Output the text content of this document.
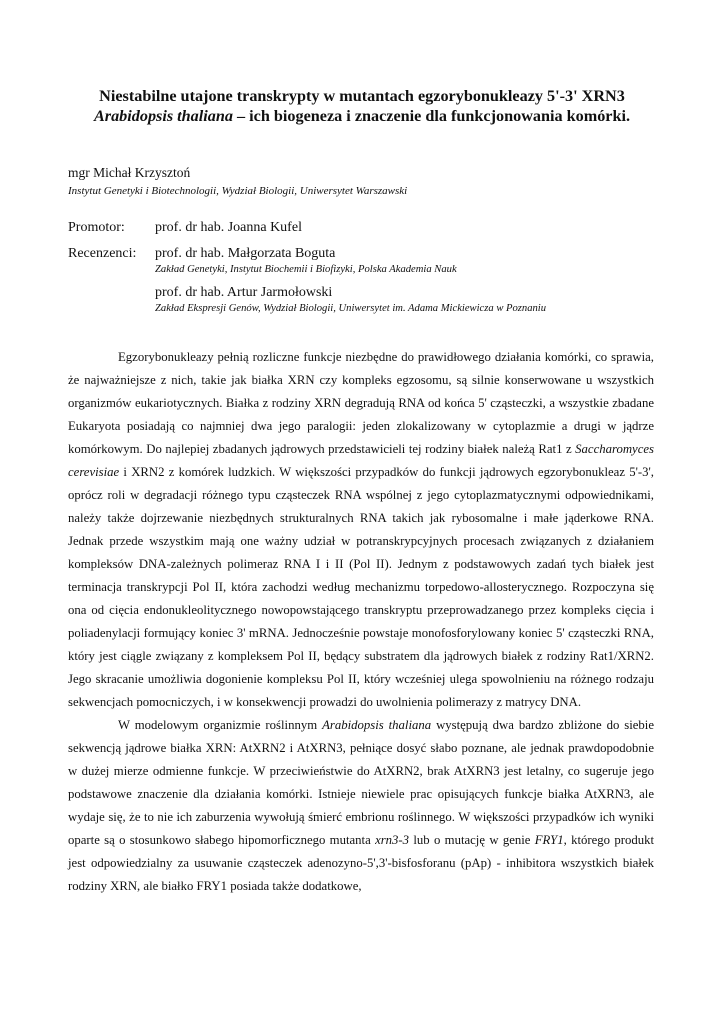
Niestabilne utajone transkrypty w mutantach egzorybonukleazy 5'-3' XRN3
Arabidopsis thaliana – ich biogeneza i znaczenie dla funkcjonowania komórki.
mgr Michał Krzysztoń
Instytut Genetyki i Biotechnologii, Wydział Biologii, Uniwersytet Warszawski
Promotor: prof. dr hab. Joanna Kufel
Recenzenci: prof. dr hab. Małgorzata Boguta
Zakład Genetyki, Instytut Biochemii i Biofizyki, Polska Akademia Nauk
prof. dr hab. Artur Jarmołowski
Zakład Ekspresji Genów, Wydział Biologii, Uniwersytet im. Adama Mickiewicza w Poznaniu

Egzorybonukleazy pełnią rozliczne funkcje niezbędne do prawidłowego działania komórki, co sprawia, że najważniejsze z nich, takie jak białka XRN czy kompleks egzosomu, są silnie konserwowane u wszystkich organizmów eukariotycznych. Białka z rodziny XRN degradują RNA od końca 5' cząsteczki, a wszystkie zbadane Eukaryota posiadają co najmniej dwa jego paralogii: jeden zlokalizowany w cytoplazmie a drugi w jądrze komórkowym. Do najlepiej zbadanych jądrowych przedstawicieli tej rodziny białek należą Rat1 z Saccharomyces cerevisiae i XRN2 z komórek ludzkich. W większości przypadków do funkcji jądrowych egzorybonukleaz 5'-3', oprócz roli w degradacji różnego typu cząsteczek RNA wspólnej z jego cytoplazmatycznymi odpowiednikami, należy także dojrzewanie niezbędnych strukturalnych RNA takich jak rybosomalne i małe jąderkowe RNA. Jednak przede wszystkim mają one ważny udział w potranskrypcyjnych procesach związanych z działaniem kompleksów DNA-zależnych polimeraz RNA I i II (Pol II). Jednym z podstawowych zadań tych białek jest terminacja transkrypcji Pol II, która zachodzi według mechanizmu torpedowo-allosterycznego. Rozpoczyna się ona od cięcia endonukleolitycznego nowopowstającego transkryptu przeprowadzanego przez kompleks cięcia i poliadenylacji formujący koniec 3' mRNA. Jednocześnie powstaje monofosforylowany koniec 5' cząsteczki RNA, który jest ciągle związany z kompleksem Pol II, będący substratem dla jądrowych białek z rodziny Rat1/XRN2. Jego skracanie umożliwia dogonienie kompleksu Pol II, który wcześniej ulega spowolnieniu na różnego rodzaju sekwencjach pomocniczych, i w konsekwencji prowadzi do uwolnienia polimerazy z matrycy DNA.

W modelowym organizmie roślinnym Arabidopsis thaliana występują dwa bardzo zbliżone do siebie sekwencją jądrowe białka XRN: AtXRN2 i AtXRN3, pełniące dosyć słabo poznane, ale jednak prawdopodobnie w dużej mierze odmienne funkcje. W przeciwieństwie do AtXRN2, brak AtXRN3 jest letalny, co sugeruje jego podstawowe znaczenie dla działania komórki. Istnieje niewiele prac opisujących funkcje białka AtXRN3, ale wydaje się, że to nie ich zaburzenia wywołują śmierć embrionu roślinnego. W większości przypadków ich wyniki oparte są o stosunkowo słabego hipomorficznego mutanta xrn3-3 lub o mutację w genie FRY1, którego produkt jest odpowiedzialny za usuwanie cząsteczek adenozyno-5',3'-bisfosforanu (pAp) - inhibitora wszystkich białek rodziny XRN, ale białko FRY1 posiada także dodatkowe,
